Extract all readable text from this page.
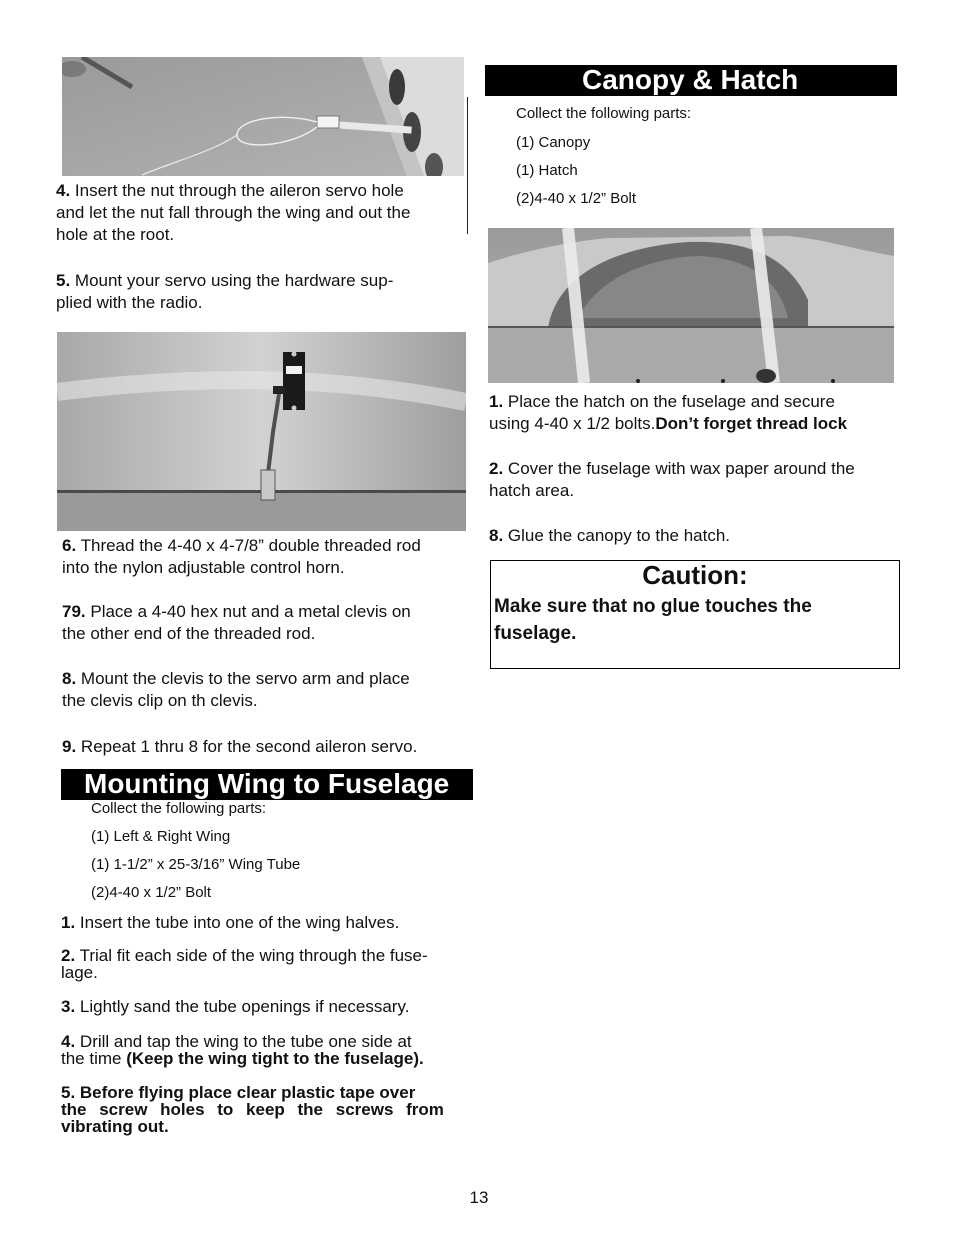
4. Insert the nut through the aileron servo hole
and let the nut fall through the wing and out the
hole at the root.
5. Mount your servo using the hardware sup-
plied with the radio.
6. Thread the 4-40 x 4-7/8” double threaded rod
into the nylon adjustable control horn.
79. Place a 4-40 hex nut and a metal clevis on
the other end of the threaded rod.
8. Mount the clevis to the servo arm and place
the clevis clip on th clevis.
9. Repeat 1 thru 8 for the second aileron servo.
Mounting Wing to Fuselage
Collect the following parts:
(1) Left & Right Wing
(1) 1-1/2” x 25-3/16” Wing Tube
(2)4-40 x 1/2” Bolt
1. Insert the tube into one of the wing halves.
2. Trial fit each side of the wing through the fuse-
lage.
3. Lightly sand the tube openings if necessary.
4. Drill and tap the wing to the tube one side at
the time (Keep the wing tight to the fuselage).
5. Before flying place clear plastic tape over
the screw holes to keep the screws from
vibrating out.
Canopy & Hatch
Collect the following parts:
(1) Canopy
(1) Hatch
(2)4-40 x 1/2” Bolt
1. Place the hatch on the fuselage and secure
using 4-40 x 1/2 bolts.Don’t forget thread lock
2. Cover the fuselage with wax paper around the
hatch area.
8. Glue the canopy to the hatch.
Caution:
Make sure that no glue touches the
fuselage.
13
